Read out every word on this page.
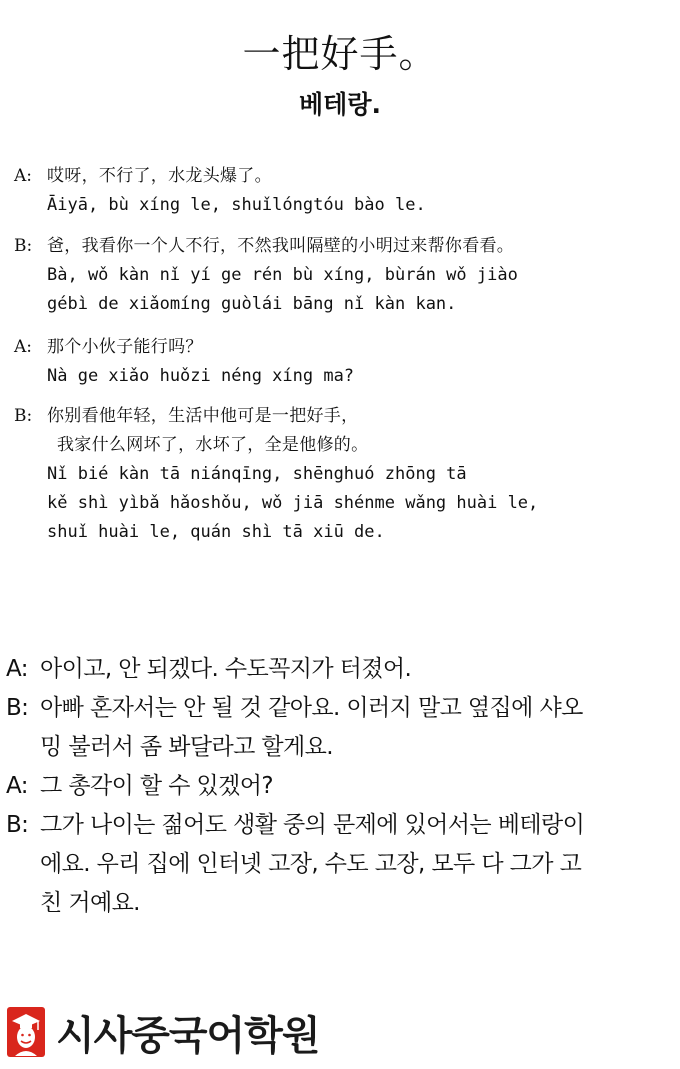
一把好手。
베테랑.
A: 哎呀，不行了，水龙头爆了。
Āiyā, bù xíng le, shuǐlóngtóu bào le.
B: 爸，我看你一个人不行，不然我叫隔壁的小明过来帮你看看。
Bà, wǒ kàn nǐ yí ge rén bù xíng, bùrán wǒ jiào
gébì de xiǎomíng guòlái bāng nǐ kàn kan.
A: 那个小伙子能行吗？
Nà ge xiǎo huǒzi néng xíng ma?
B: 你别看他年轻，生活中他可是一把好手，
我家什么网坏了，水坏了，全是他修的。
Nǐ bié kàn tā niánqīng, shēnghuó zhōng tā
kě shì yìbǎ hǎoshǒu, wǒ jiā shénme wǎng huài le,
shuǐ huài le, quán shì tā xiū de.
A: 아이고, 안 되겠다. 수도꼭지가 터졌어.
B: 아빠 혼자서는 안 될 것 같아요. 이러지 말고 옆집에 샤오
밍 불러서 좀 봐달라고 할게요.
A: 그 총각이 할 수 있겠어?
B: 그가 나이는 젊어도 생활 중의 문제에 있어서는 베테랑이
에요. 우리 집에 인터넷 고장, 수도 고장, 모두 다 그가 고
친 거예요.
시사중국어학원
